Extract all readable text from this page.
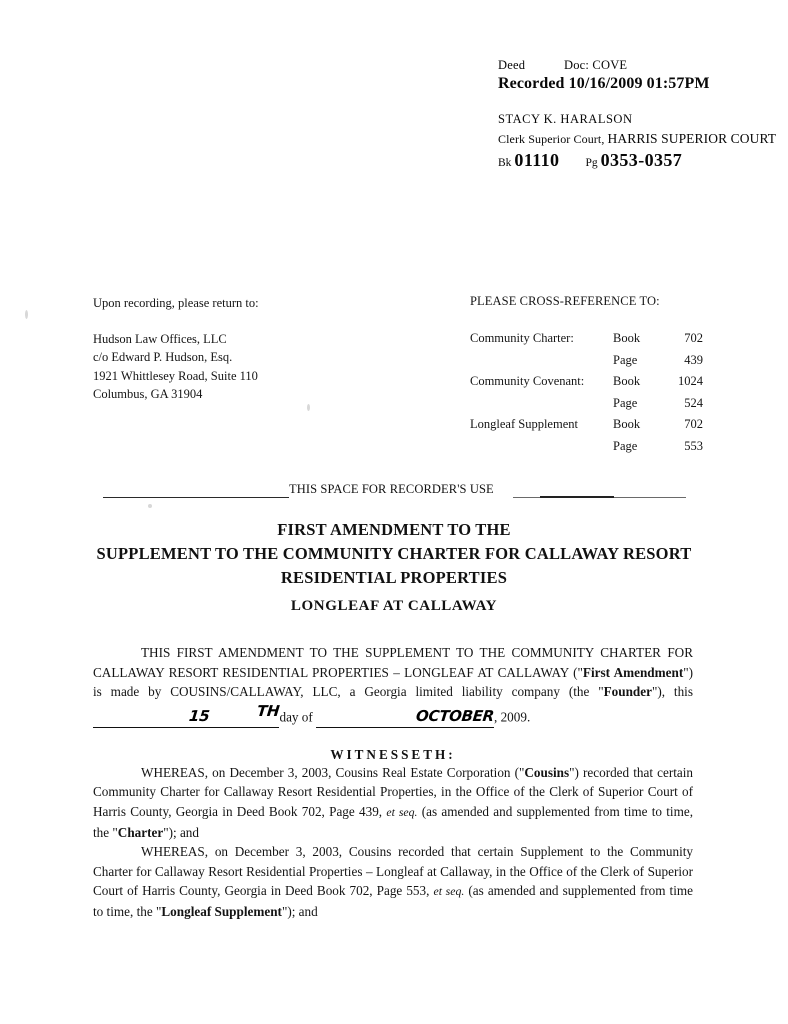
Deed	Doc: COVE
Recorded 10/16/2009 01:57PM
STACY K. HARALSON
Clerk Superior Court, HARRIS SUPERIOR COURT
Bk 01110 Pg 0353-0357
Upon recording, please return to:
Hudson Law Offices, LLC
c/o Edward P. Hudson, Esq.
1921 Whittlesey Road, Suite 110
Columbus, GA 31904
PLEASE CROSS-REFERENCE TO:
Community Charter:	Book	702
	Page	439
Community Covenant:	Book	1024
	Page	524
Longleaf Supplement	Book	702
	Page	553
THIS SPACE FOR RECORDER'S USE
FIRST AMENDMENT TO THE
SUPPLEMENT TO THE COMMUNITY CHARTER FOR CALLAWAY RESORT
RESIDENTIAL PROPERTIES
LONGLEAF AT CALLAWAY

THIS FIRST AMENDMENT TO THE SUPPLEMENT TO THE COMMUNITY CHARTER FOR CALLAWAY RESORT RESIDENTIAL PROPERTIES – LONGLEAF AT CALLAWAY ("First Amendment") is made by COUSINS/CALLAWAY, LLC, a Georgia limited liability company (the "Founder"), this 15	$^{TH}$day of	OCTOBER, 2009.

WITNESSETH:

WHEREAS, on December 3, 2003, Cousins Real Estate Corporation ("Cousins") recorded that certain Community Charter for Callaway Resort Residential Properties, in the Office of the Clerk of Superior Court of Harris County, Georgia in Deed Book 702, Page 439, et seq. (as amended and supplemented from time to time, the "Charter"); and

WHEREAS, on December 3, 2003, Cousins recorded that certain Supplement to the Community Charter for Callaway Resort Residential Properties – Longleaf at Callaway, in the Office of the Clerk of Superior Court of Harris County, Georgia in Deed Book 702, Page 553, et seq. (as amended and supplemented from time to time, the "Longleaf Supplement"); and
